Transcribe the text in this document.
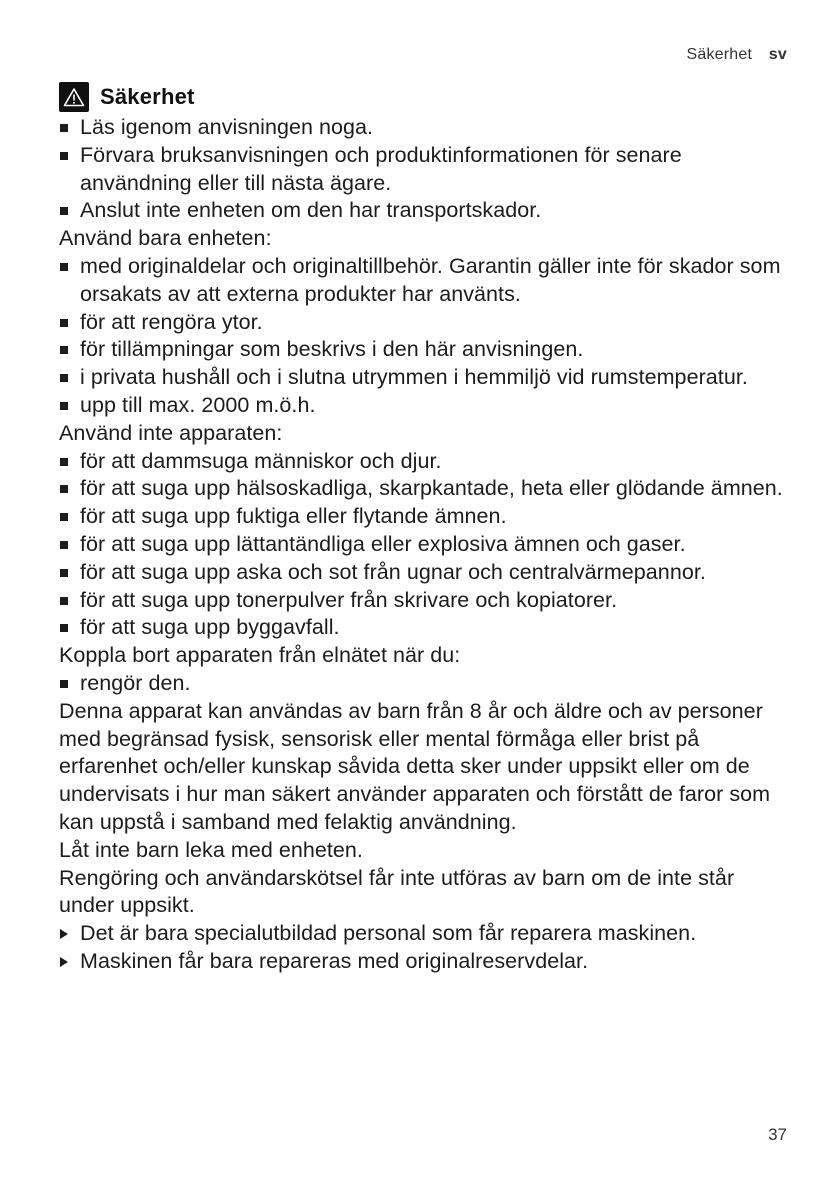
Säkerhet sv
Säkerhet
Läs igenom anvisningen noga.
Förvara bruksanvisningen och produktinformationen för senare användning eller till nästa ägare.
Anslut inte enheten om den har transportskador.
Använd bara enheten:
med originaldelar och originaltillbehör. Garantin gäller inte för skador som orsakats av att externa produkter har använts.
för att rengöra ytor.
för tillämpningar som beskrivs i den här anvisningen.
i privata hushåll och i slutna utrymmen i hemmiljö vid rumstemperatur.
upp till max. 2000 m.ö.h.
Använd inte apparaten:
för att dammsuga människor och djur.
för att suga upp hälsoskadliga, skarpkantade, heta eller glödande ämnen.
för att suga upp fuktiga eller flytande ämnen.
för att suga upp lättantändliga eller explosiva ämnen och gaser.
för att suga upp aska och sot från ugnar och centralvärmepannor.
för att suga upp tonerpulver från skrivare och kopiatorer.
för att suga upp byggavfall.
Koppla bort apparaten från elnätet när du:
rengör den.
Denna apparat kan användas av barn från 8 år och äldre och av personer med begränsad fysisk, sensorisk eller mental förmåga eller brist på erfarenhet och/eller kunskap såvida detta sker under uppsikt eller om de undervisats i hur man säkert använder apparaten och förstått de faror som kan uppstå i samband med felaktig användning.
Låt inte barn leka med enheten.
Rengöring och användarskötsel får inte utföras av barn om de inte står under uppsikt.
Det är bara specialutbildad personal som får reparera maskinen.
Maskinen får bara repareras med originalreservdelar.
37
